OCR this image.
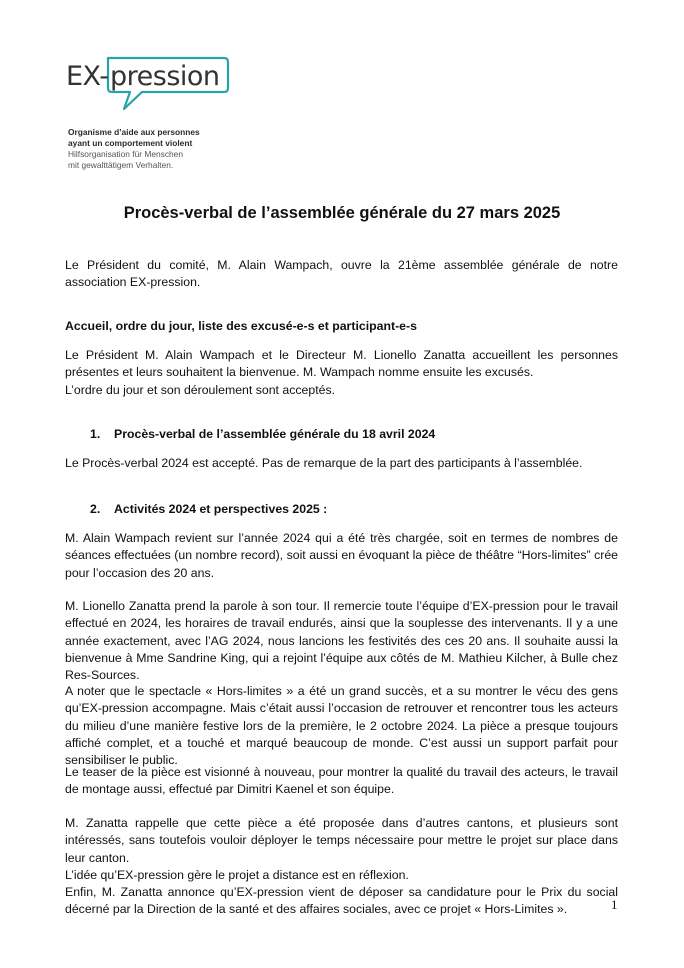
EX- pression
Organisme d’aide aux personnes
ayant un comportement violent
Hilfsorganisation für Menschen
mit gewalttätigem Verhalten.
Procès-verbal de l’assemblée générale du 27 mars 2025

Le Président du comité, M. Alain Wampach, ouvre la 21ème assemblée générale de notre association EX-pression.

Accueil, ordre du jour, liste des excusé-e-s et participant-e-s

Le Président M. Alain Wampach et le Directeur M. Lionello Zanatta accueillent les personnes présentes et leurs souhaitent la bienvenue. M. Wampach nomme ensuite les excusés.

L’ordre du jour et son déroulement sont acceptés.

1. Procès-verbal de l’assemblée générale du 18 avril 2024

Le Procès-verbal 2024 est accepté. Pas de remarque de la part des participants à l’assemblée.

2. Activités 2024 et perspectives 2025 :

M. Alain Wampach revient sur l’année 2024 qui a été très chargée, soit en termes de nombres de séances effectuées (un nombre record), soit aussi en évoquant la pièce de théâtre “Hors-limites” crée pour l’occasion des 20 ans.

M. Lionello Zanatta prend la parole à son tour. Il remercie toute l’équipe d’EX-pression pour le travail effectué en 2024, les horaires de travail endurés, ainsi que la souplesse des intervenants. Il y a une année exactement, avec l’AG 2024, nous lancions les festivités des ces 20 ans. Il souhaite aussi la bienvenue à Mme Sandrine King, qui a rejoint l’équipe aux côtés de M. Mathieu Kilcher, à Bulle chez Res-Sources.

A noter que le spectacle « Hors-limites » a été un grand succès, et a su montrer le vécu des gens qu’EX-pression accompagne. Mais c’était aussi l’occasion de retrouver et rencontrer tous les acteurs du milieu d’une manière festive lors de la première, le 2 octobre 2024. La pièce a presque toujours affiché complet, et a touché et marqué beaucoup de monde. C’est aussi un support parfait pour sensibiliser le public.

Le teaser de la pièce est visionné à nouveau, pour montrer la qualité du travail des acteurs, le travail de montage aussi, effectué par Dimitri Kaenel et son équipe.

M. Zanatta rappelle que cette pièce a été proposée dans d’autres cantons, et plusieurs sont intéressés, sans toutefois vouloir déployer le temps nécessaire pour mettre le projet sur place dans leur canton.

L’idée qu’EX-pression gère le projet a distance est en réflexion.

Enfin, M. Zanatta annonce qu’EX-pression vient de déposer sa candidature pour le Prix du social décerné par la Direction de la santé et des affaires sociales, avec ce projet « Hors-Limites ».	1
